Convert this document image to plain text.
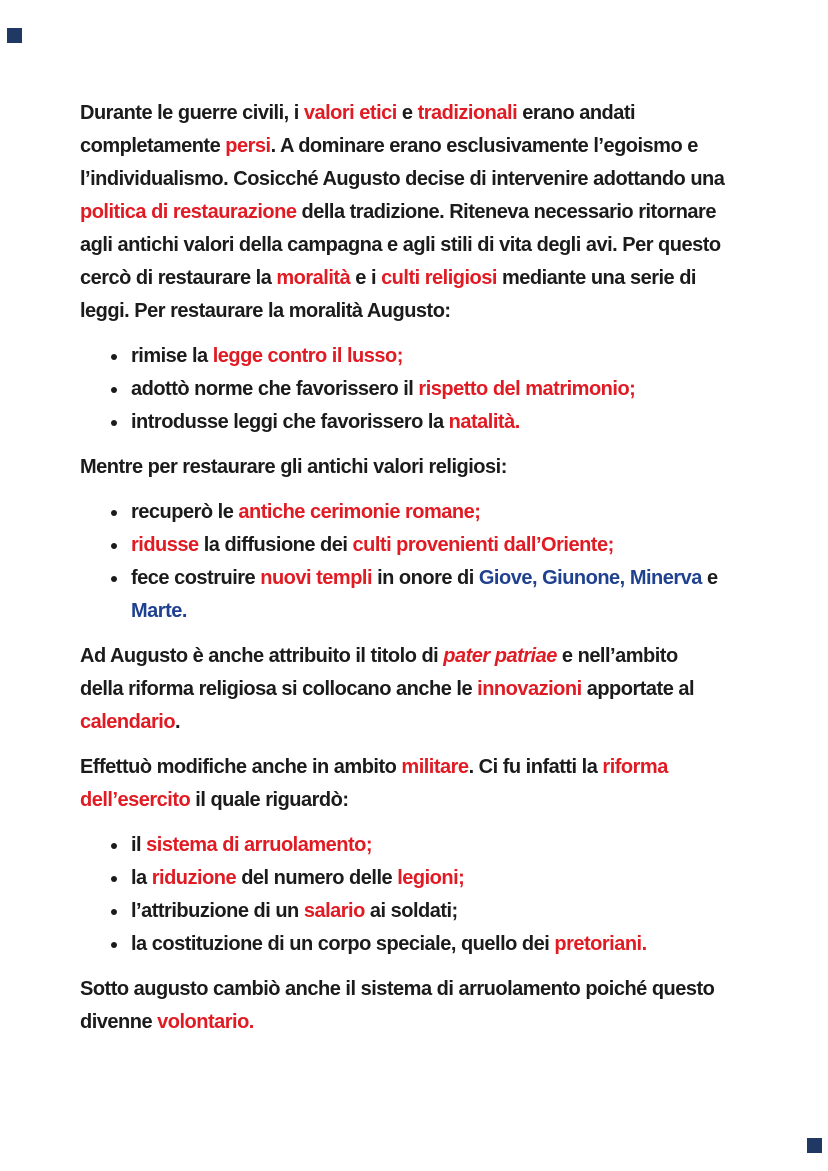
Durante le guerre civili, i valori etici e tradizionali erano andati
completamente persi. A dominare erano esclusivamente l’egoismo e
l’individualismo. Cosicché Augusto decise di intervenire adottando una
politica di restaurazione della tradizione. Riteneva necessario ritornare
agli antichi valori della campagna e agli stili di vita degli avi. Per questo
cercò di restaurare la moralità e i culti religiosi mediante una serie di
leggi. Per restaurare la moralità Augusto:

• rimise la legge contro il lusso;
• adottò norme che favorissero il rispetto del matrimonio;
• introdusse leggi che favorissero la natalità.

Mentre per restaurare gli antichi valori religiosi:

• recuperò le antiche cerimonie romane;
• ridusse la diffusione dei culti provenienti dall’Oriente;
• fece costruire nuovi templi in onore di Giove, Giunone, Minerva e
Marte.

Ad Augusto è anche attribuito il titolo di pater patriae e nell’ambito
della riforma religiosa si collocano anche le innovazioni apportate al
calendario.

Effettuò modifiche anche in ambito militare. Ci fu infatti la riforma
dell’esercito il quale riguardò:

• il sistema di arruolamento;
• la riduzione del numero delle legioni;
• l’attribuzione di un salario ai soldati;
• la costituzione di un corpo speciale, quello dei pretoriani.

Sotto augusto cambiò anche il sistema di arruolamento poiché questo
divenne volontario.
